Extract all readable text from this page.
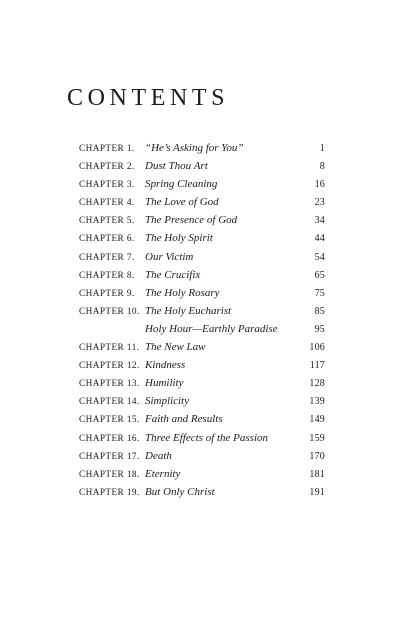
CONTENTS
CHAPTER 1. “He’s Asking for You”	1
CHAPTER 2. Dust Thou Art	8
CHAPTER 3. Spring Cleaning	16
CHAPTER 4. The Love of God	23
CHAPTER 5. The Presence of God	34
CHAPTER 6. The Holy Spirit	44
CHAPTER 7. Our Victim	54
CHAPTER 8. The Crucifix	65
CHAPTER 9. The Holy Rosary	75
CHAPTER 10. The Holy Eucharist	85
Holy Hour—Earthly Paradise	95
CHAPTER 11. The New Law	106
CHAPTER 12. Kindness	117
CHAPTER 13. Humility	128
CHAPTER 14. Simplicity	139
CHAPTER 15. Faith and Results	149
CHAPTER 16. Three Effects of the Passion	159
CHAPTER 17. Death	170
CHAPTER 18. Eternity	181
CHAPTER 19. But Only Christ	191
